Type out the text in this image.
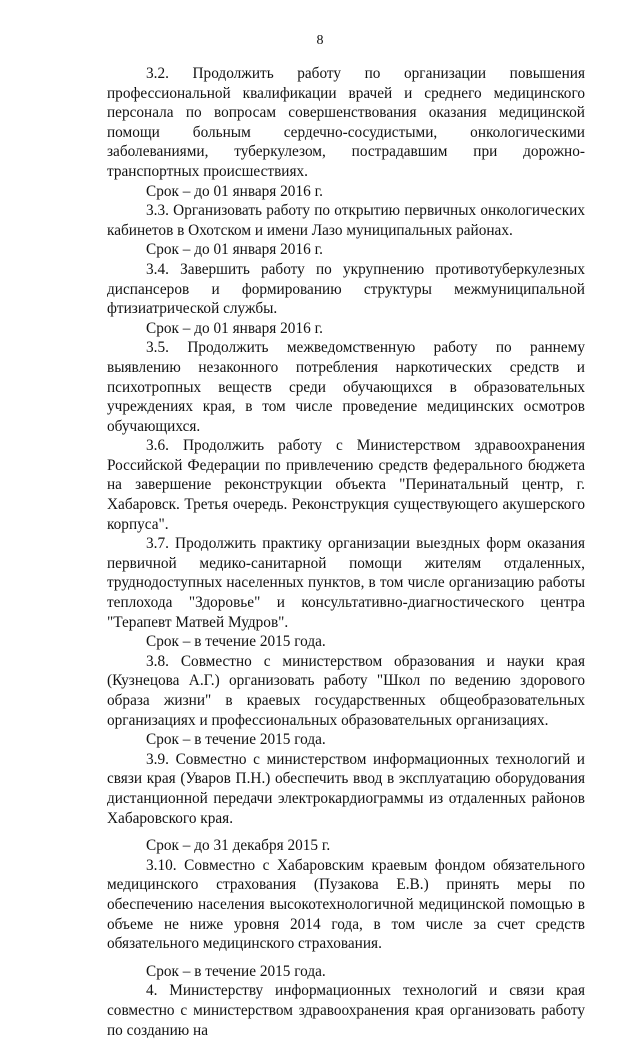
8

3.2. Продолжить работу по организации повышения профессиональной квалификации врачей и среднего медицинского персонала по вопросам совершенствования оказания медицинской помощи больным сердечно-сосудистыми, онкологическими заболеваниями, туберкулезом, пострадавшим при дорожно-транспортных происшествиях.

Срок – до 01 января 2016 г.

3.3. Организовать работу по открытию первичных онкологических кабинетов в Охотском и имени Лазо муниципальных районах.

Срок – до 01 января 2016 г.

3.4. Завершить работу по укрупнению противотуберкулезных диспансеров и формированию структуры межмуниципальной фтизиатрической службы.

Срок – до 01 января 2016 г.

3.5. Продолжить межведомственную работу по раннему выявлению незаконного потребления наркотических средств и психотропных веществ среди обучающихся в образовательных учреждениях края, в том числе проведение медицинских осмотров обучающихся.

3.6. Продолжить работу с Министерством здравоохранения Российской Федерации по привлечению средств федерального бюджета на завершение реконструкции объекта "Перинатальный центр, г. Хабаровск. Третья очередь. Реконструкция существующего акушерского корпуса".

3.7. Продолжить практику организации выездных форм оказания первичной медико-санитарной помощи жителям отдаленных, труднодоступных населенных пунктов, в том числе организацию работы теплохода "Здоровье" и консультативно-диагностического центра "Терапевт Матвей Мудров".

Срок – в течение 2015 года.

3.8. Совместно с министерством образования и науки края (Кузнецова А.Г.) организовать работу "Школ по ведению здорового образа жизни" в краевых государственных общеобразовательных организациях и профессиональных образовательных организациях.

Срок – в течение 2015 года.

3.9. Совместно с министерством информационных технологий и связи края (Уваров П.Н.) обеспечить ввод в эксплуатацию оборудования дистанционной передачи электрокардиограммы из отдаленных районов Хабаровского края.

Срок – до 31 декабря 2015 г.

3.10. Совместно с Хабаровским краевым фондом обязательного медицинского страхования (Пузакова Е.В.) принять меры по обеспечению населения высокотехнологичной медицинской помощью в объеме не ниже уровня 2014 года, в том числе за счет средств обязательного медицинского страхования.

Срок – в течение 2015 года.

4. Министерству информационных технологий и связи края совместно с министерством здравоохранения края организовать работу по созданию на
